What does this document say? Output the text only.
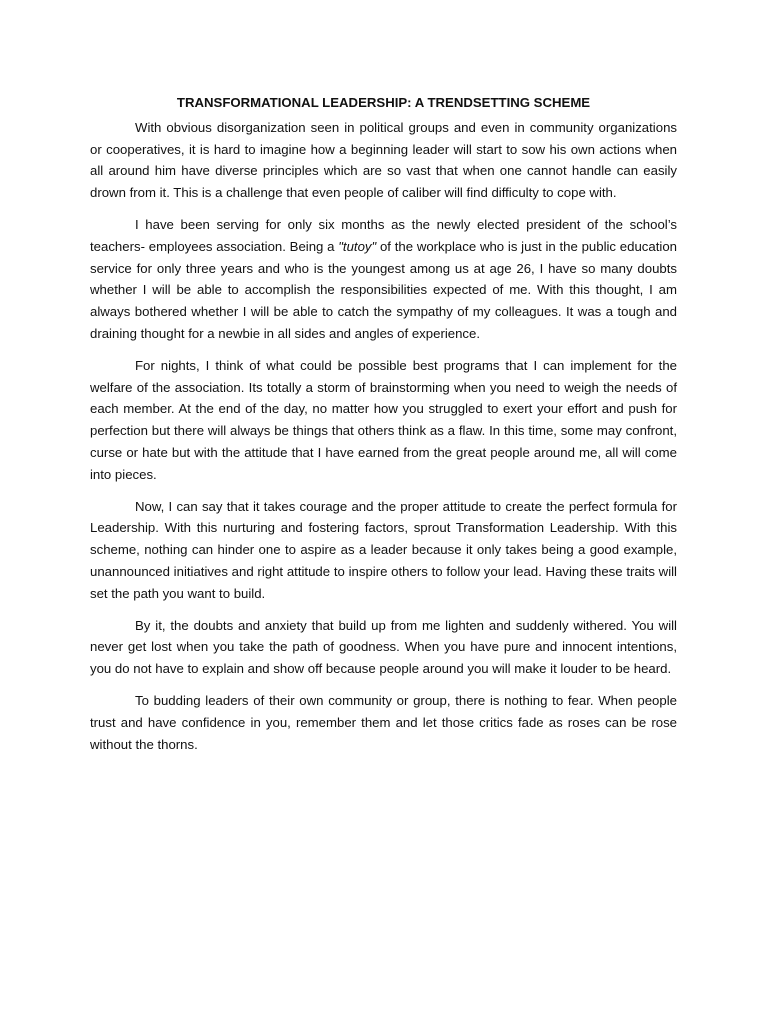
TRANSFORMATIONAL LEADERSHIP: A TRENDSETTING SCHEME

With obvious disorganization seen in political groups and even in community organizations or cooperatives, it is hard to imagine how a beginning leader will start to sow his own actions when all around him have diverse principles which are so vast that when one cannot handle can easily drown from it. This is a challenge that even people of caliber will find difficulty to cope with.

I have been serving for only six months as the newly elected president of the school’s teachers- employees association. Being a "tutoy" of the workplace who is just in the public education service for only three years and who is the youngest among us at age 26, I have so many doubts whether I will be able to accomplish the responsibilities expected of me. With this thought, I am always bothered whether I will be able to catch the sympathy of my colleagues. It was a tough and draining thought for a newbie in all sides and angles of experience.

For nights, I think of what could be possible best programs that I can implement for the welfare of the association. Its totally a storm of brainstorming when you need to weigh the needs of each member. At the end of the day, no matter how you struggled to exert your effort and push for perfection but there will always be things that others think as a flaw. In this time, some may confront, curse or hate but with the attitude that I have earned from the great people around me, all will come into pieces.

Now, I can say that it takes courage and the proper attitude to create the perfect formula for Leadership. With this nurturing and fostering factors, sprout Transformation Leadership. With this scheme, nothing can hinder one to aspire as a leader because it only takes being a good example, unannounced initiatives and right attitude to inspire others to follow your lead. Having these traits will set the path you want to build.

By it, the doubts and anxiety that build up from me lighten and suddenly withered. You will never get lost when you take the path of goodness. When you have pure and innocent intentions, you do not have to explain and show off because people around you will make it louder to be heard.

To budding leaders of their own community or group, there is nothing to fear. When people trust and have confidence in you, remember them and let those critics fade as roses can be rose without the thorns.
